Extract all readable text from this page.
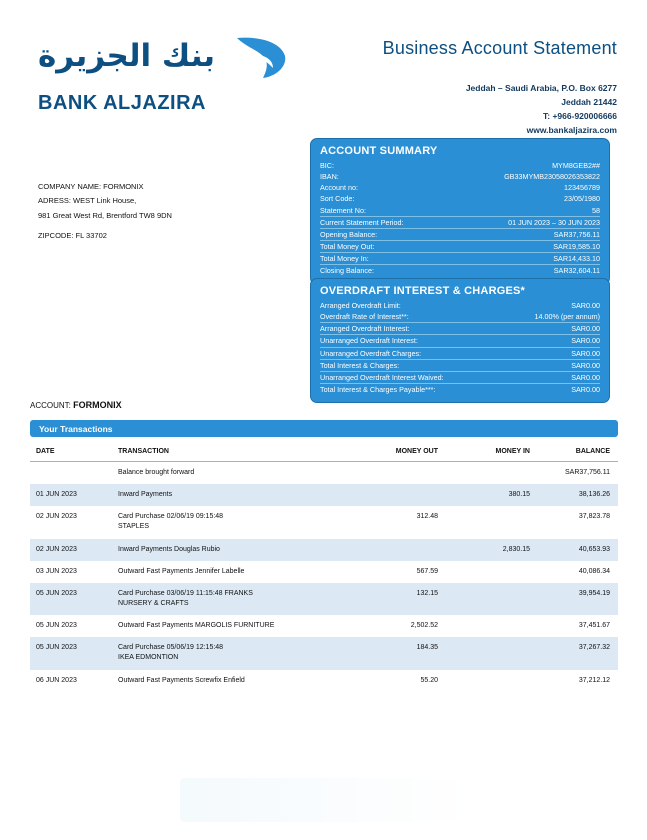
بنك الجزيرة
BANK ALJAZIRA
Business Account Statement
Jeddah – Saudi Arabia, P.O. Box 6277
Jeddah 21442
T: +966-920006666
www.bankaljazira.com
COMPANY NAME: FORMONIX
ADRESS: WEST Link House,
981 Great West Rd, Brentford TW8 9DN
ZIPCODE: FL 33702
ACCOUNT SUMMARY
BIC:	MYM8GEB2##
IBAN:	GB33MYMB23058026353822
Account no:	123456789
Sort Code:	23/05/1980
Statement No:	58
Current Statement Period:	01 JUN 2023 – 30 JUN 2023
Opening Balance:	SAR37,756.11
Total Money Out:	SAR19,585.10
Total Money In:	SAR14,433.10
Closing Balance:	SAR32,604.11
OVERDRAFT INTEREST & CHARGES*
Arranged Overdraft Limit:	SAR0.00
Overdraft Rate of Interest**:	14.00% (per annum)
Arranged Overdraft Interest:	SAR0.00
Unarranged Overdraft Interest:	SAR0.00
Unarranged Overdraft Charges:	SAR0.00
Total Interest & Charges:	SAR0.00
Unarranged Overdraft Interest Waived:	SAR0.00
Total Interest & Charges Payable***:	SAR0.00
ACCOUNT: FORMONIX
Your Transactions
DATE	TRANSACTION	MONEY OUT	MONEY IN	BALANCE
	Balance brought forward			SAR37,756.11
01 JUN 2023	Inward Payments		380.15	38,136.26
02 JUN 2023	Card Purchase 02/06/19 09:15:48
STAPLES	312.48		37,823.78
02 JUN 2023	Inward Payments Douglas Rubio		2,830.15	40,653.93
03 JUN 2023	Outward Fast Payments Jennifer Labelle	567.59		40,086.34
05 JUN 2023	Card Purchase 03/06/19 11:15:48 FRANKS
NURSERY & CRAFTS	132.15		39,954.19
05 JUN 2023	Outward Fast Payments MARGOLIS FURNITURE	2,502.52		37,451.67
05 JUN 2023	Card Purchase 05/06/19 12:15:48
IKEA EDMONTION	184.35		37,267.32
06 JUN 2023	Outward Fast Payments Screwfix Enfield	55.20		37,212.12
